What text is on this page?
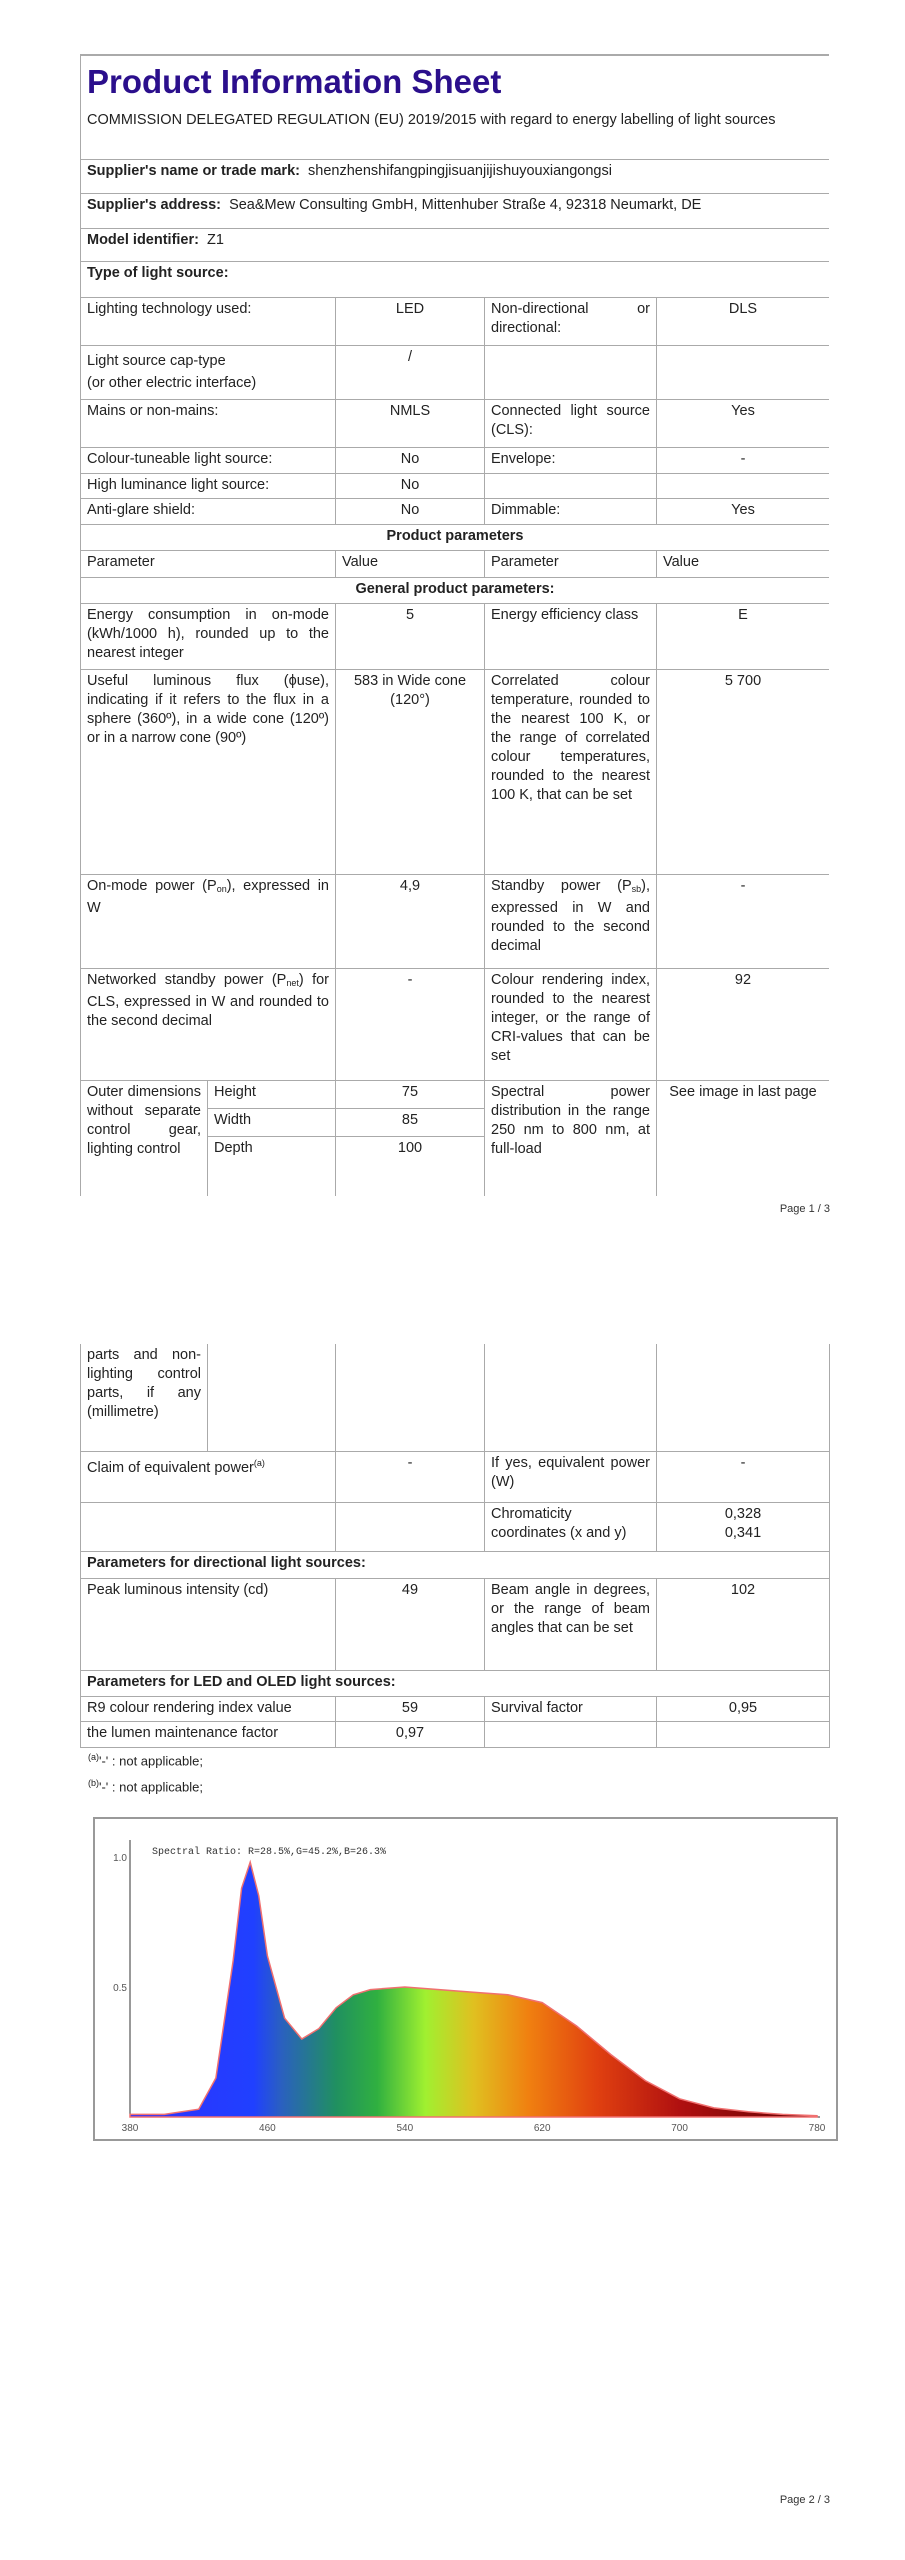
Product Information Sheet
COMMISSION DELEGATED REGULATION (EU) 2019/2015 with regard to energy labelling of light sources				

Supplier's name or trade mark: shenzhenshifangpingjisuanjijishuyouxiangongsi				
Supplier's address: Sea&Mew Consulting GmbH, Mittenhuber Straße 4, 92318 Neumarkt, DE				
Model identifier: Z1				
Type of light source:				
Lighting technology used:		LED	Non-directional or directional:	DLS

Light source cap-type
(or other electric interface)		/		
Mains or non-mains:		NMLS	Connected light source (CLS):	Yes
Colour-tuneable light source:		No	Envelope:	-
High luminance light source:		No		
Anti-glare shield:		No	Dimmable:	Yes
Product parameters				
Parameter		Value	Parameter	Value
General product parameters:				
Energy consumption in on-mode (kWh/1000 h), rounded up to the nearest integer		5	Energy efficiency class	E
Useful luminous flux (ϕuse), indicating if it refers to the flux in a sphere (360º), in a wide cone (120º) or in a narrow cone (90º)		583 in Wide cone (120°)	Correlated colour temperature, rounded to the nearest 100 K, or the range of correlated colour temperatures, rounded to the nearest 100 K, that can be set	5 700
On-mode power $(P_{on})$, expressed in W		4,9	Standby power $(P_{sb})$, expressed in W and rounded to the second decimal	-
Networked standby power $(P_{net})$ for CLS, expressed in W and rounded to the second decimal		-	Colour rendering index, rounded to the nearest integer, or the range of CRI-values that can be set	92
Outer dimensions without separate control gear, lighting control	Height	75	Spectral power distribution in the range 250 nm to 800 nm, at full-load	See image in last page
	Width	85		
	Depth	100		
Page 1 / 3
parts and non-lighting control parts, if any (millimetre)				
Claim of equivalent power$^{(a)}$		-	If yes, equivalent power (W)	-
			Chromaticity coordinates (x and y)	0,328
0,341

Parameters for directional light sources:				
Peak luminous intensity (cd)		49	Beam angle in degrees, or the range of beam angles that can be set	102
Parameters for LED and OLED light sources:				
R9 colour rendering index value		59	Survival factor	0,95
the lumen maintenance factor		0,97		
$^{(a)}$'-' : not applicable;
$^{(b)}$'-' : not applicable;
Spectral Ratio: R=28.5%,G=45.2%,B=26.3%
380	460	540	620	700	780
1.0
0.5
Page 2 / 3
